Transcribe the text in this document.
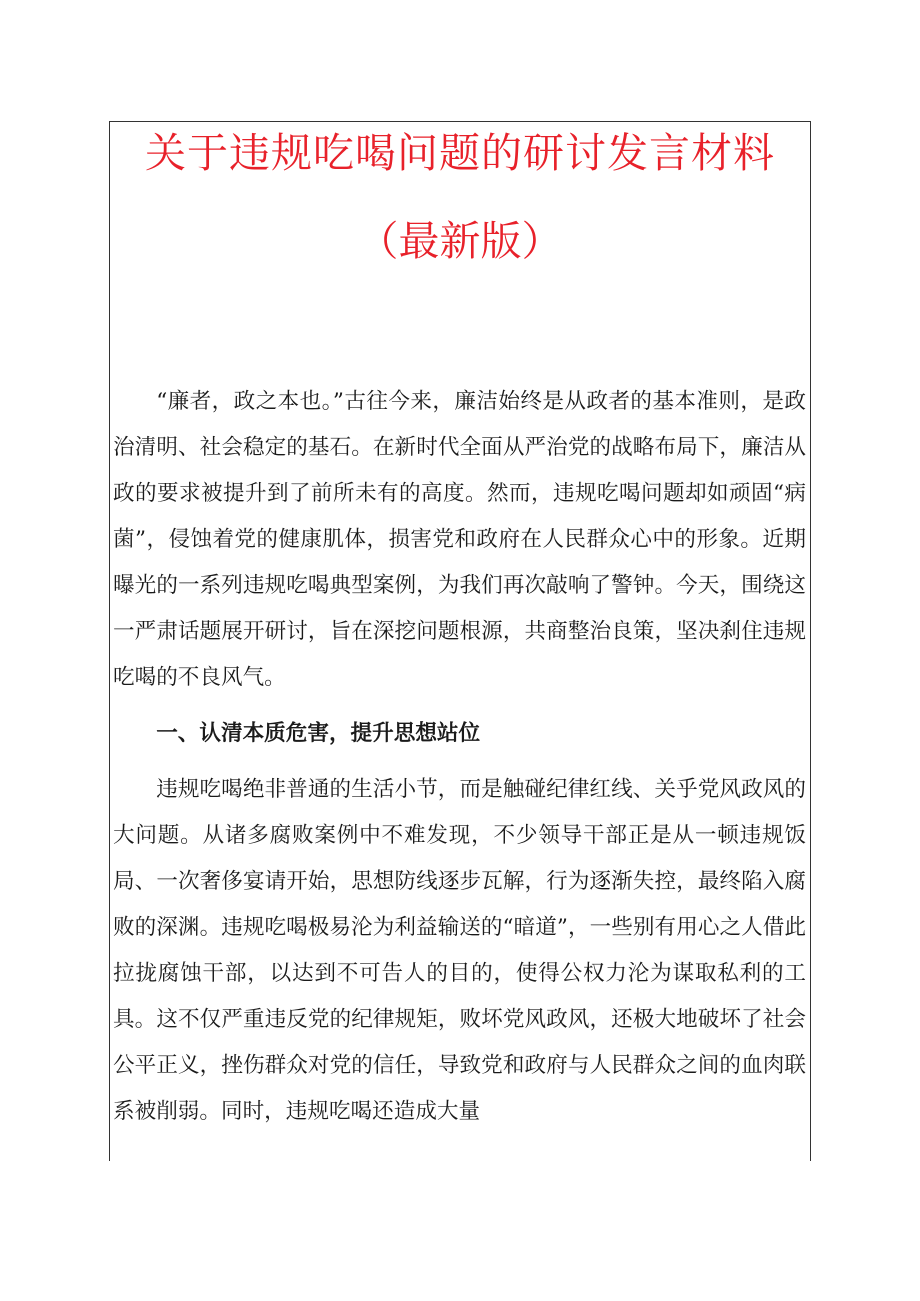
关于违规吃喝问题的研讨发言材料
（最新版）

“廉者，政之本也。”古往今来，廉洁始终是从政者的基本准则，是政治清明、社会稳定的基石。在新时代全面从严治党的战略布局下，廉洁从政的要求被提升到了前所未有的高度。然而，违规吃喝问题却如顽固“病菌”，侵蚀着党的健康肌体，损害党和政府在人民群众心中的形象。近期曝光的一系列违规吃喝典型案例，为我们再次敲响了警钟。今天，围绕这一严肃话题展开研讨，旨在深挖问题根源，共商整治良策，坚决刹住违规吃喝的不良风气。

一、认清本质危害，提升思想站位

违规吃喝绝非普通的生活小节，而是触碰纪律红线、关乎党风政风的大问题。从诸多腐败案例中不难发现，不少领导干部正是从一顿违规饭局、一次奢侈宴请开始，思想防线逐步瓦解，行为逐渐失控，最终陷入腐败的深渊。违规吃喝极易沦为利益输送的“暗道”，一些别有用心之人借此拉拢腐蚀干部，以达到不可告人的目的，使得公权力沦为谋取私利的工具。这不仅严重违反党的纪律规矩，败坏党风政风，还极大地破坏了社会公平正义，挫伤群众对党的信任，导致党和政府与人民群众之间的血肉联系被削弱。同时，违规吃喝还造成大量
